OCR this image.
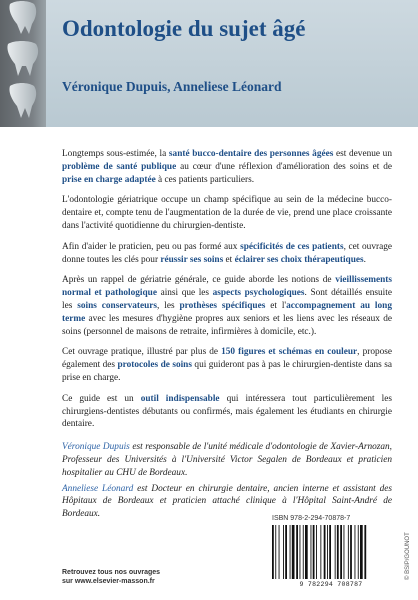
Odontologie du sujet âgé
Véronique Dupuis, Anneliese Léonard

Longtemps sous-estimée, la santé bucco-dentaire des personnes âgées est devenue un problème de santé publique au cœur d'une réflexion d'amélioration des soins et de prise en charge adaptée à ces patients particuliers.

L'odontologie gériatrique occupe un champ spécifique au sein de la médecine bucco-dentaire et, compte tenu de l'augmentation de la durée de vie, prend une place croissante dans l'activité quotidienne du chirurgien-dentiste.

Afin d'aider le praticien, peu ou pas formé aux spécificités de ces patients, cet ouvrage donne toutes les clés pour réussir ses soins et éclairer ses choix thérapeutiques.

Après un rappel de gériatrie générale, ce guide aborde les notions de vieillissements normal et pathologique ainsi que les aspects psychologiques. Sont détaillés ensuite les soins conservateurs, les prothèses spécifiques et l'accompagnement au long terme avec les mesures d'hygiène propres aux seniors et les liens avec les réseaux de soins (personnel de maisons de retraite, infirmières à domicile, etc.).

Cet ouvrage pratique, illustré par plus de 150 figures et schémas en couleur, propose également des protocoles de soins qui guideront pas à pas le chirurgien-dentiste dans sa prise en charge.

Ce guide est un outil indispensable qui intéressera tout particulièrement les chirurgiens-dentistes débutants ou confirmés, mais également les étudiants en chirurgie dentaire.

Véronique Dupuis est responsable de l'unité médicale d'odontologie de Xavier-Arnozan, Professeur des Universités à l'Université Victor Segalen de Bordeaux et praticien hospitalier au CHU de Bordeaux.

Anneliese Léonard est Docteur en chirurgie dentaire, ancien interne et assistant des Hôpitaux de Bordeaux et praticien attaché clinique à l'Hôpital Saint-André de Bordeaux.

Retrouvez tous nos ouvrages
sur www.elsevier-masson.fr
ISBN 978-2-294-70878-7
9 782294 708787
© BSIP/GOUNOT
